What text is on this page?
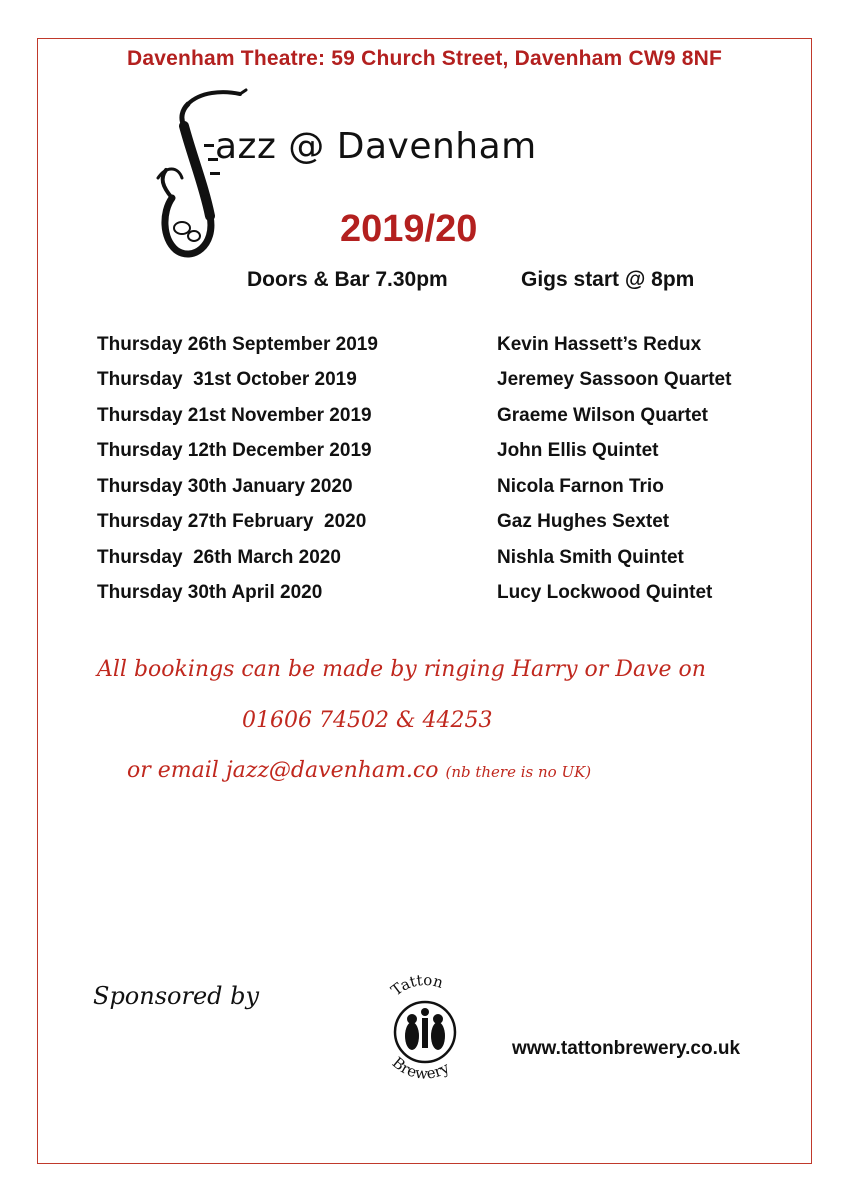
Davenham Theatre: 59 Church Street, Davenham CW9 8NF
azz @ Davenham
2019/20
Doors & Bar 7.30pm	Gigs start @ 8pm
Thursday 26th September 2019	Kevin Hassett’s Redux
Thursday  31st October 2019	Jeremey Sassoon Quartet
Thursday 21st November 2019	Graeme Wilson Quartet
Thursday 12th December 2019	John Ellis Quintet
Thursday 30th January 2020	Nicola Farnon Trio
Thursday 27th February  2020	Gaz Hughes Sextet
Thursday  26th March 2020	Nishla Smith Quintet
Thursday 30th April 2020	Lucy Lockwood Quintet
All bookings can be made by ringing Harry or Dave on
01606 74502 & 44253
or email jazz@davenham.co (nb there is no UK)
Sponsored by	Tatton
Brewery
www.tattonbrewery.co.uk
